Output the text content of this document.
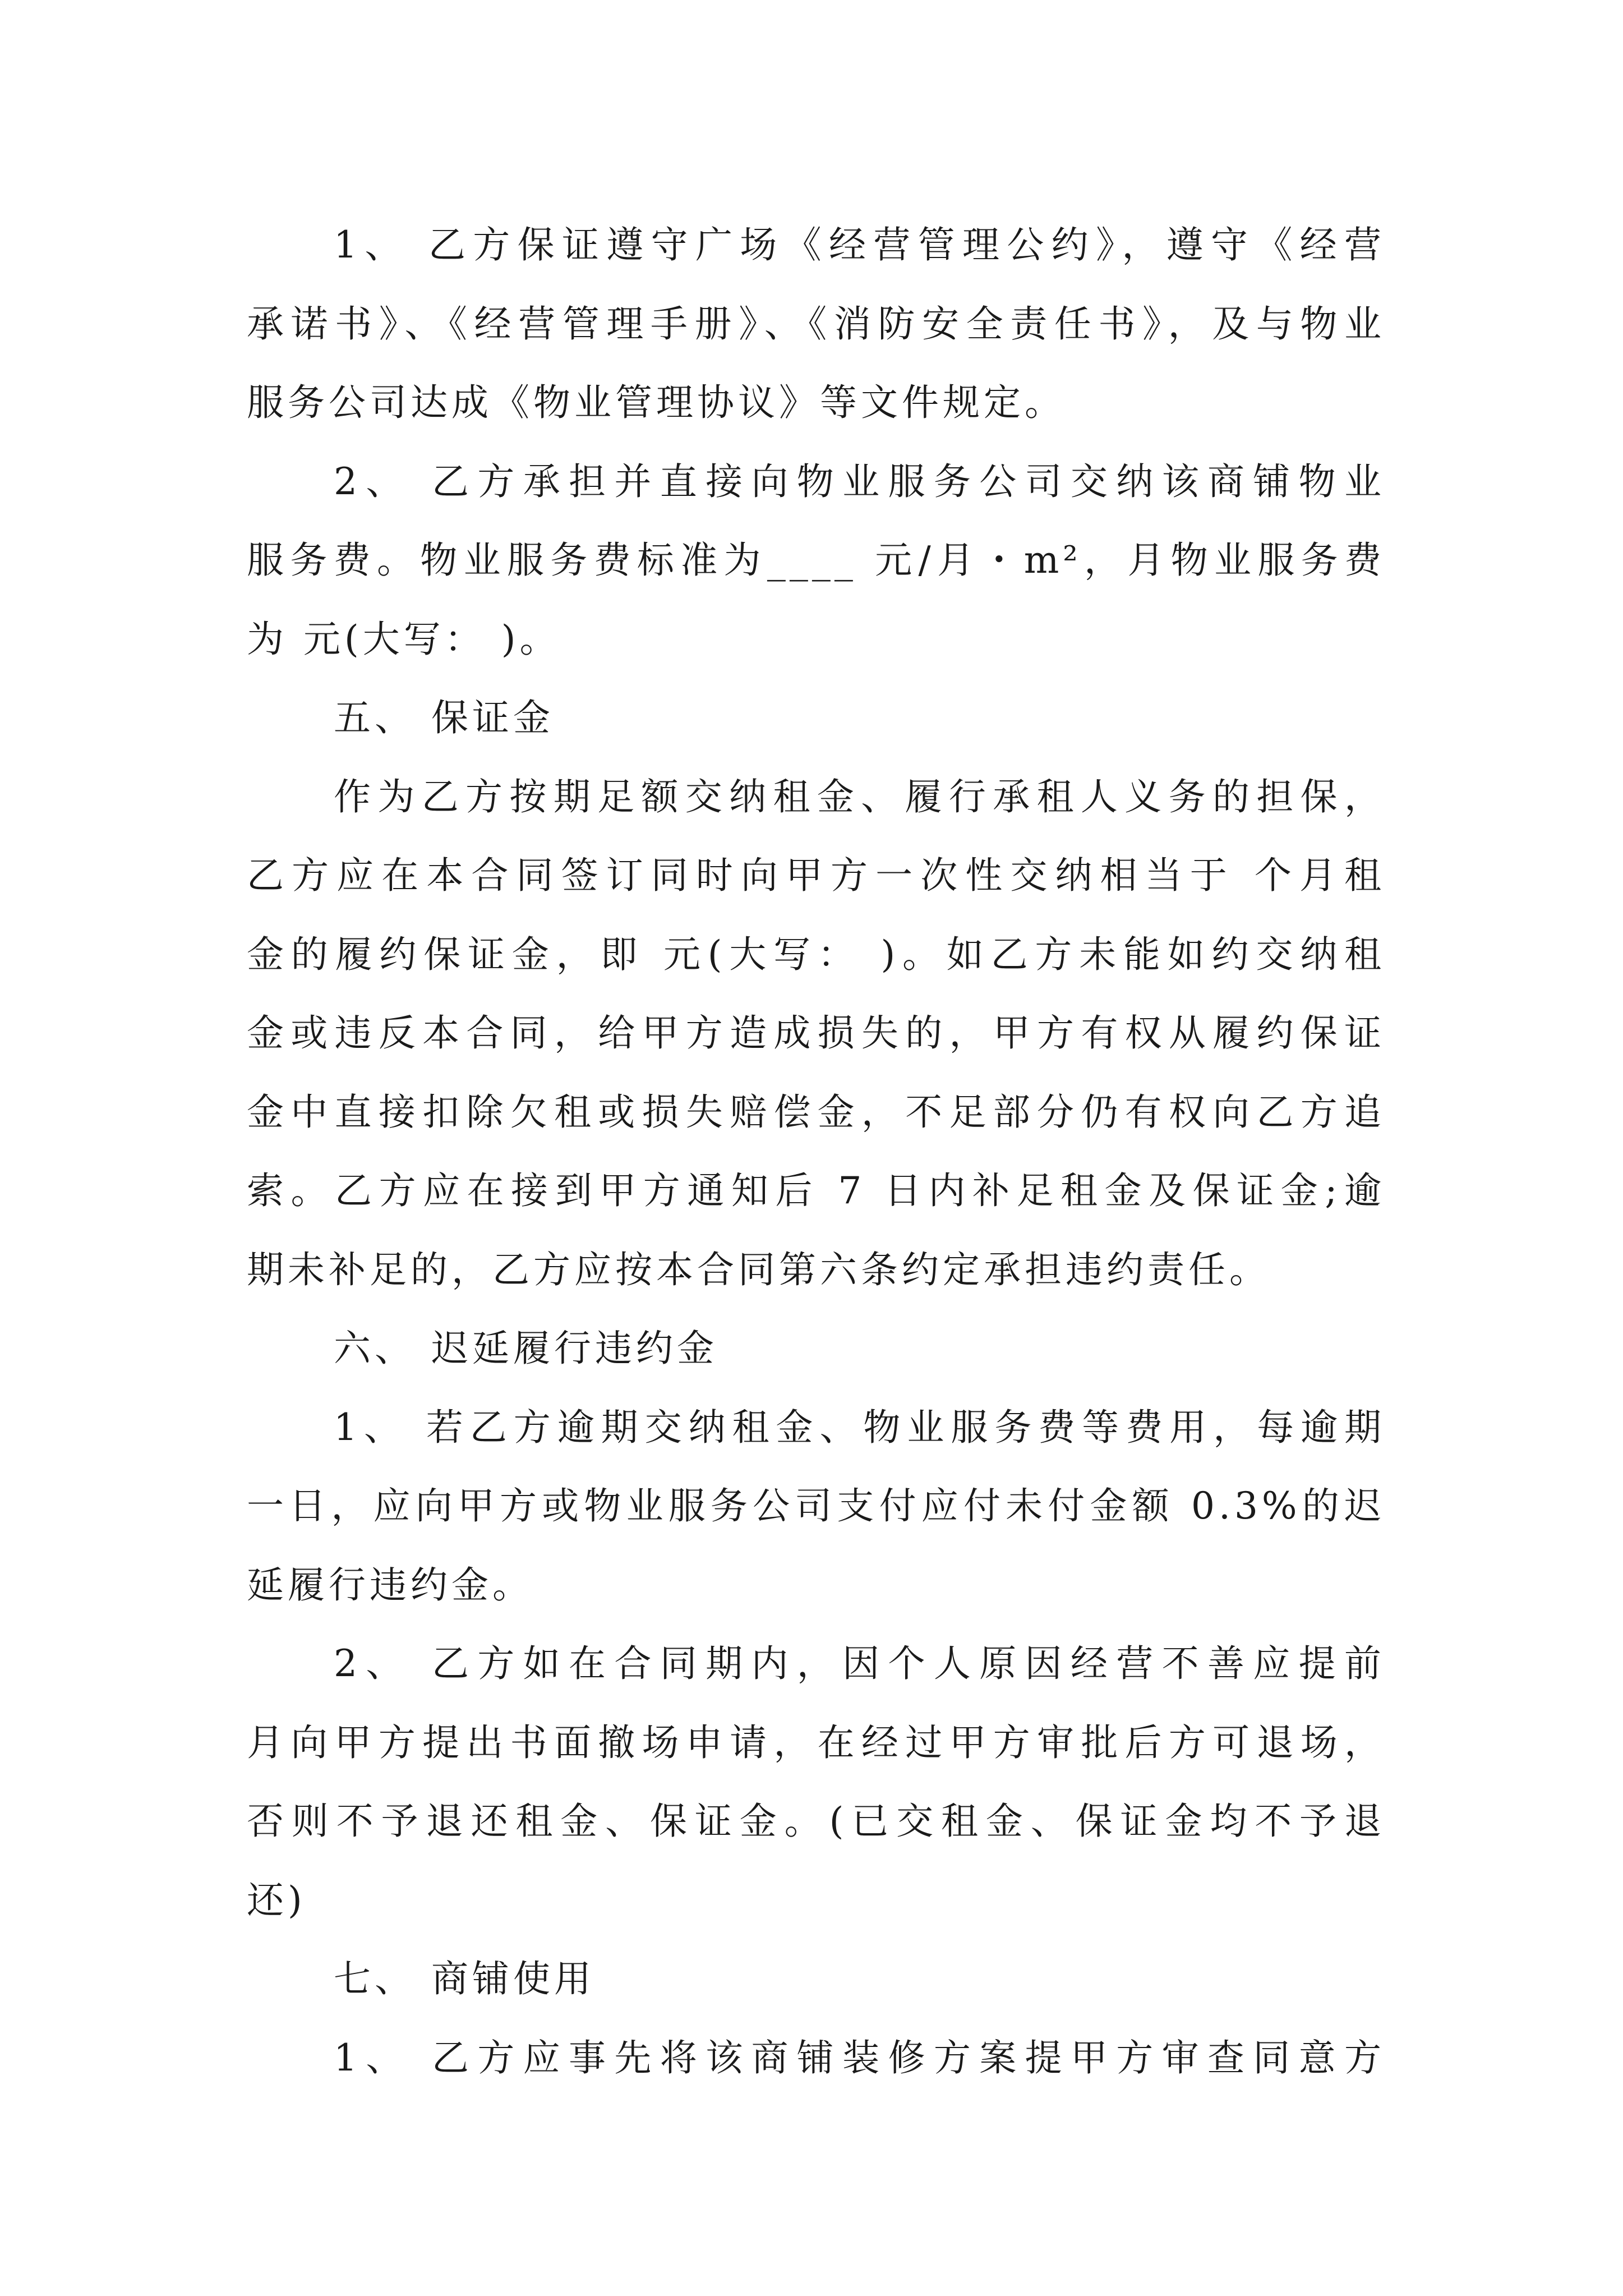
1、 乙方保证遵守广场《经营管理公约》，遵守《经营
承诺书》、《经营管理手册》、《消防安全责任书》，及与物业
服务公司达成《物业管理协议》等文件规定。
2、 乙方承担并直接向物业服务公司交纳该商铺物业
服务费。物业服务费标准为____ 元/月・m²，月物业服务费
为 元(大写： )。
五、 保证金
作为乙方按期足额交纳租金、履行承租人义务的担保，
乙方应在本合同签订同时向甲方一次性交纳相当于 个月租
金的履约保证金，即 元(大写： )。如乙方未能如约交纳租
金或违反本合同，给甲方造成损失的，甲方有权从履约保证
金中直接扣除欠租或损失赔偿金，不足部分仍有权向乙方追
索。乙方应在接到甲方通知后 7 日内补足租金及保证金;逾
期未补足的，乙方应按本合同第六条约定承担违约责任。
六、 迟延履行违约金
1、 若乙方逾期交纳租金、物业服务费等费用，每逾期
一日，应向甲方或物业服务公司支付应付未付金额 0.3%的迟
延履行违约金。
2、 乙方如在合同期内，因个人原因经营不善应提前
月向甲方提出书面撤场申请，在经过甲方审批后方可退场，
否则不予退还租金、保证金。(已交租金、保证金均不予退
还)
七、 商铺使用
1、 乙方应事先将该商铺装修方案提甲方审查同意方
